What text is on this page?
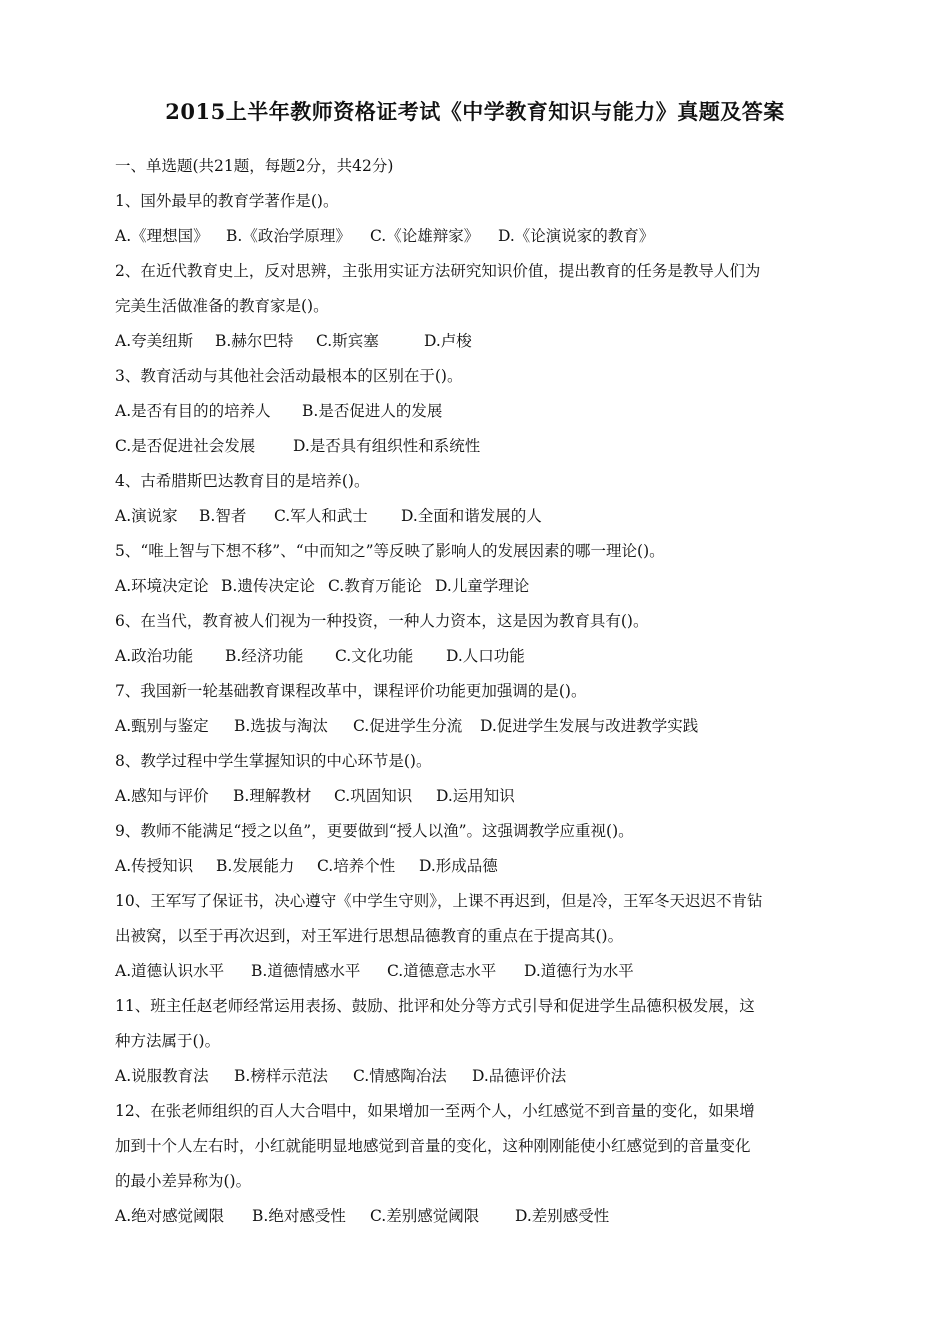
2015上半年教师资格证考试《中学教育知识与能力》真题及答案
一、单选题(共21题，每题2分，共42分)
1、国外最早的教育学著作是()。
A.《理想国》	B.《政治学原理》	C.《论雄辩家》	D.《论演说家的教育》
2、在近代教育史上，反对思辨，主张用实证方法研究知识价值，提出教育的任务是教导人们为
完美生活做准备的教育家是()。
A.夸美纽斯	B.赫尔巴特	C.斯宾塞	D.卢梭
3、教育活动与其他社会活动最根本的区别在于()。
A.是否有目的的培养人	B.是否促进人的发展
C.是否促进社会发展	D.是否具有组织性和系统性
4、古希腊斯巴达教育目的是培养()。
A.演说家	B.智者	C.军人和武士	D.全面和谐发展的人
5、“唯上智与下想不移”、“中而知之”等反映了影响人的发展因素的哪一理论()。
A.环境决定论 B.遗传决定论 C.教育万能论 D.儿童学理论
6、在当代，教育被人们视为一种投资，一种人力资本，这是因为教育具有()。
A.政治功能	B.经济功能	C.文化功能	D.人口功能
7、我国新一轮基础教育课程改革中，课程评价功能更加强调的是()。
A.甄别与鉴定	B.选拔与淘汰	C.促进学生分流	D.促进学生发展与改进教学实践
8、教学过程中学生掌握知识的中心环节是()。
A.感知与评价	B.理解教材	C.巩固知识	D.运用知识
9、教师不能满足“授之以鱼”，更要做到“授人以渔”。这强调教学应重视()。
A.传授知识	B.发展能力	C.培养个性	D.形成品德
10、王军写了保证书，决心遵守《中学生守则》，上课不再迟到，但是冷，王军冬天迟迟不肯钻
出被窝，以至于再次迟到，对王军进行思想品德教育的重点在于提高其()。
A.道德认识水平	B.道德情感水平	C.道德意志水平	D.道德行为水平
11、班主任赵老师经常运用表扬、鼓励、批评和处分等方式引导和促进学生品德积极发展，这
种方法属于()。
A.说服教育法	B.榜样示范法	C.情感陶冶法	D.品德评价法
12、在张老师组织的百人大合唱中，如果增加一至两个人，小红感觉不到音量的变化，如果增
加到十个人左右时，小红就能明显地感觉到音量的变化，这种刚刚能使小红感觉到的音量变化
的最小差异称为()。
A.绝对感觉阈限	B.绝对感受性	C.差别感觉阈限	D.差别感受性
